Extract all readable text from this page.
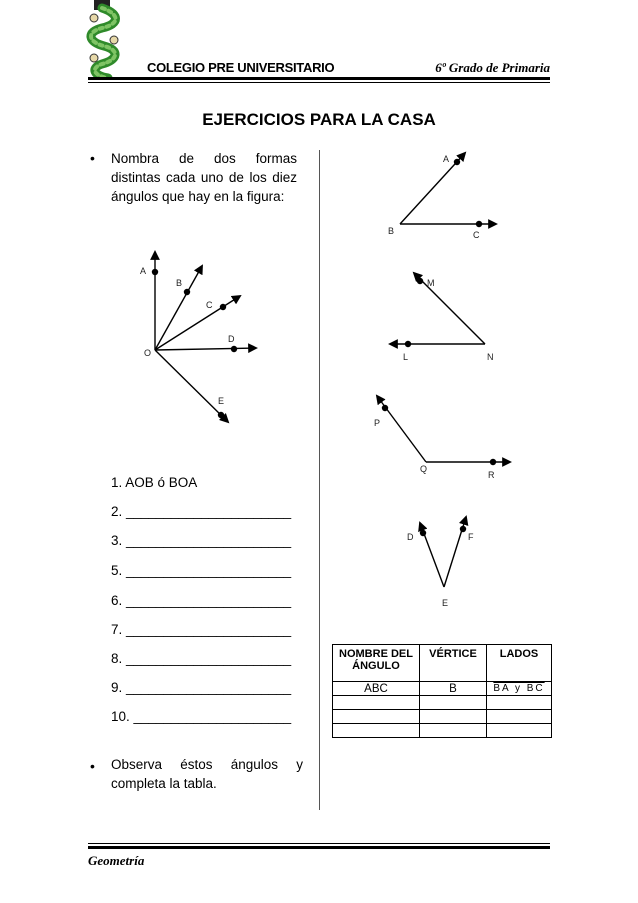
COLEGIO PRE UNIVERSITARIO	6º Grado de Primaria
EJERCICIOS PARA LA CASA
• Nombra de dos formas distintas cada uno de los diez ángulos que hay en la figura:
A
B
C
D
E
O
1. AOB ó BOA
2. ______________________
3. ______________________
5. ______________________
6. ______________________
7. ______________________
8. ______________________
9. ______________________
10. _____________________
• Observa éstos ángulos y
completa la tabla.
A
B	C
M
L	N
P
Q
R
D
E
F
NOMBRE DEL ÁNGULO	VÉRTICE	LADOS
ABC	B	BA y BC

Geometría
